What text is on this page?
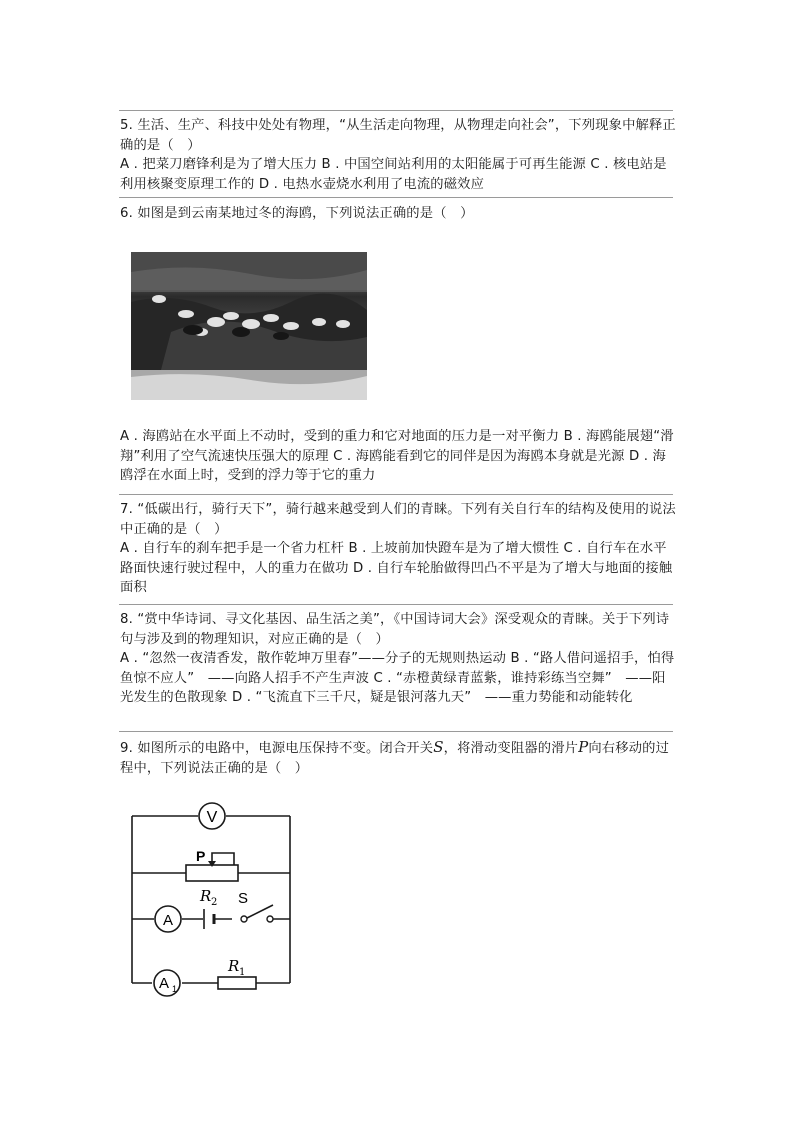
5. 生活、生产、科技中处处有物理，“从生活走向物理，从物理走向社会”，下列现象中解释正确的是（　）

A . 把菜刀磨锋利是为了增大压力 B . 中国空间站利用的太阳能属于可再生能源 C . 核电站是利用核聚变原理工作的 D . 电热水壶烧水利用了电流的磁效应

6. 如图是到云南某地过冬的海鸥，下列说法正确的是（　）

A . 海鸥站在水平面上不动时，受到的重力和它对地面的压力是一对平衡力 B . 海鸥能展翅“滑翔”利用了空气流速快压强大的原理 C . 海鸥能看到它的同伴是因为海鸥本身就是光源 D . 海鸥浮在水面上时，受到的浮力等于它的重力

7. “低碳出行，骑行天下”，骑行越来越受到人们的青睐。下列有关自行车的结构及使用的说法中正确的是（　）

A . 自行车的刹车把手是一个省力杠杆 B . 上坡前加快蹬车是为了增大惯性 C . 自行车在水平路面快速行驶过程中，人的重力在做功 D . 自行车轮胎做得凹凸不平是为了增大与地面的接触面积

8. “赏中华诗词、寻文化基因、品生活之美”，《中国诗词大会》深受观众的青睐。关于下列诗句与涉及到的物理知识，对应正确的是（　）

A . “忽然一夜清香发，散作乾坤万里春”——分子的无规则热运动 B . “路人借问遥招手，怕得鱼惊不应人”　——向路人招手不产生声波 C . “赤橙黄绿青蓝紫，谁持彩练当空舞”　——阳光发生的色散现象 D . “飞流直下三千尺，疑是银河落九天”　——重力势能和动能转化

9. 如图所示的电路中，电源电压保持不变。闭合开关S，将滑动变阻器的滑片P向右移动的过程中，下列说法正确的是（　）

V
P
R 2
A
S
A 1
R 1
